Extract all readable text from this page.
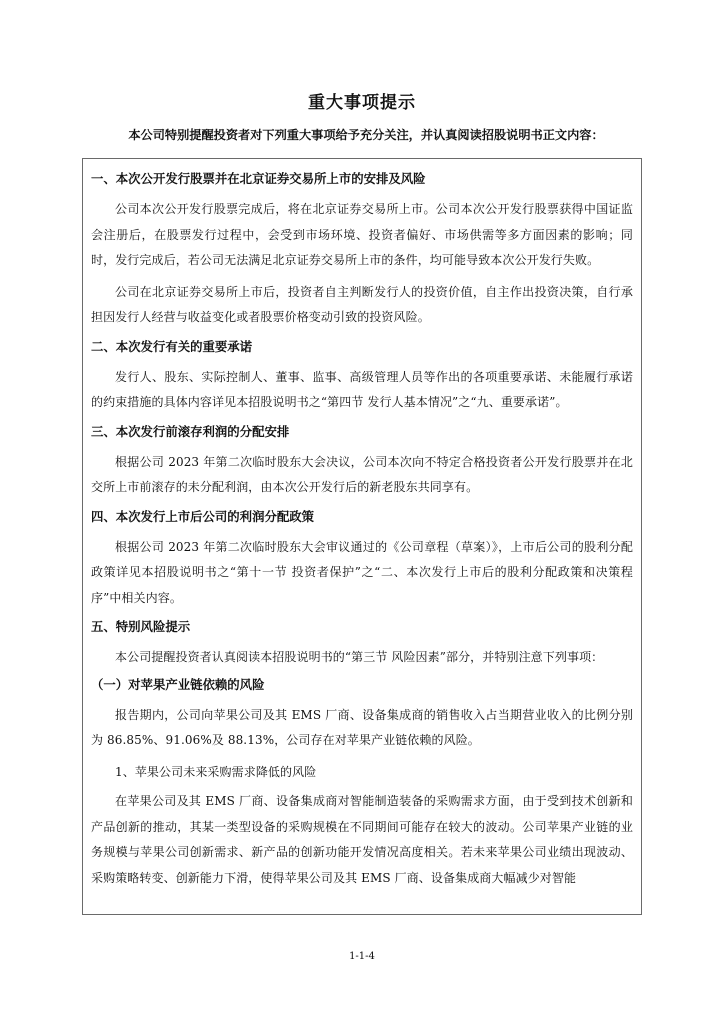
重大事项提示
本公司特别提醒投资者对下列重大事项给予充分关注，并认真阅读招股说明书正文内容：
一、本次公开发行股票并在北京证券交易所上市的安排及风险
公司本次公开发行股票完成后，将在北京证券交易所上市。公司本次公开发行股票获得中国证监会注册后，在股票发行过程中，会受到市场环境、投资者偏好、市场供需等多方面因素的影响；同时，发行完成后，若公司无法满足北京证券交易所上市的条件，均可能导致本次公开发行失败。
公司在北京证券交易所上市后，投资者自主判断发行人的投资价值，自主作出投资决策，自行承担因发行人经营与收益变化或者股票价格变动引致的投资风险。
二、本次发行有关的重要承诺
发行人、股东、实际控制人、董事、监事、高级管理人员等作出的各项重要承诺、未能履行承诺的约束措施的具体内容详见本招股说明书之“第四节 发行人基本情况”之“九、重要承诺”。
三、本次发行前滚存利润的分配安排
根据公司 2023 年第二次临时股东大会决议，公司本次向不特定合格投资者公开发行股票并在北交所上市前滚存的未分配利润，由本次公开发行后的新老股东共同享有。
四、本次发行上市后公司的利润分配政策
根据公司 2023 年第二次临时股东大会审议通过的《公司章程（草案）》，上市后公司的股利分配政策详见本招股说明书之“第十一节 投资者保护”之“二、本次发行上市后的股利分配政策和决策程序”中相关内容。
五、特别风险提示
本公司提醒投资者认真阅读本招股说明书的“第三节 风险因素”部分，并特别注意下列事项：
（一）对苹果产业链依赖的风险
报告期内，公司向苹果公司及其 EMS 厂商、设备集成商的销售收入占当期营业收入的比例分别为 86.85%、91.06%及 88.13%，公司存在对苹果产业链依赖的风险。
1、苹果公司未来采购需求降低的风险
在苹果公司及其 EMS 厂商、设备集成商对智能制造装备的采购需求方面，由于受到技术创新和产品创新的推动，其某一类型设备的采购规模在不同期间可能存在较大的波动。公司苹果产业链的业务规模与苹果公司创新需求、新产品的创新功能开发情况高度相关。若未来苹果公司业绩出现波动、采购策略转变、创新能力下滑，使得苹果公司及其 EMS 厂商、设备集成商大幅减少对智能
1-1-4
